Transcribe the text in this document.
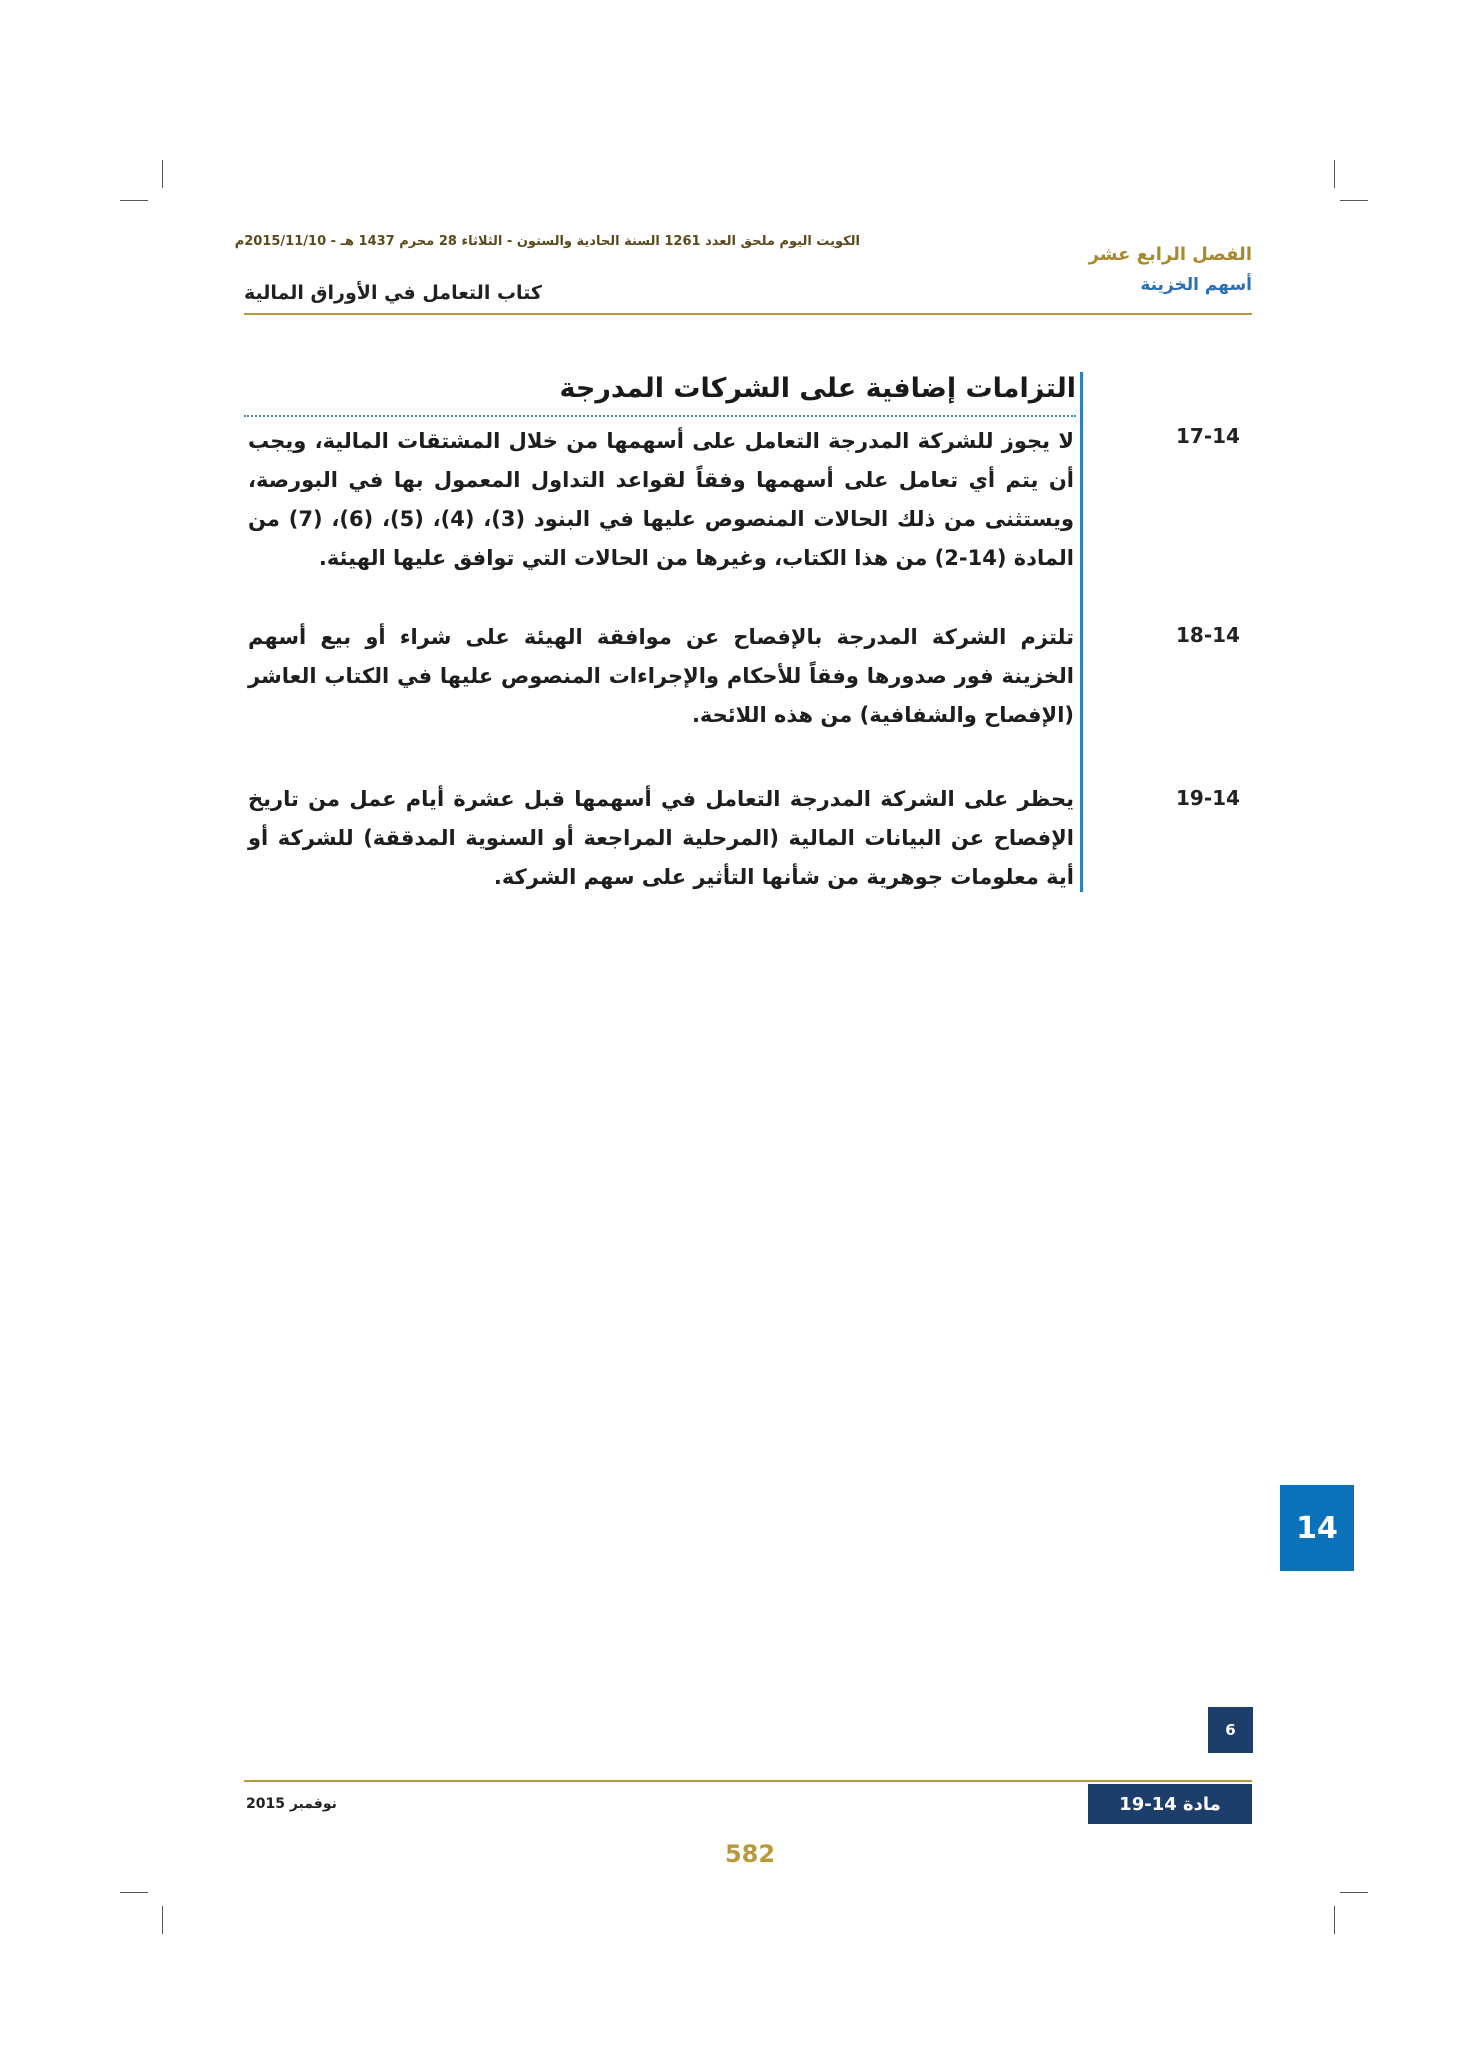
الكويت اليوم ملحق العدد 1261 السنة الحادية والستون - الثلاثاء 28 محرم 1437 هـ - 2015/11/10م
الفصل الرابع عشر
أسهم الخزينة
كتاب التعامل في الأوراق المالية
التزامات إضافية على الشركات المدرجة
17-14
لا يجوز للشركة المدرجة التعامل على أسهمها من خلال المشتقات المالية، ويجب أن يتم أي تعامل على أسهمها وفقاً لقواعد التداول المعمول بها في البورصة، ويستثنى من ذلك الحالات المنصوص عليها في البنود (3)، (4)، (5)، (6)، (7) من المادة (14-2) من هذا الكتاب، وغيرها من الحالات التي توافق عليها الهيئة.
18-14
تلتزم الشركة المدرجة بالإفصاح عن موافقة الهيئة على شراء أو بيع أسهم الخزينة فور صدورها وفقاً للأحكام والإجراءات المنصوص عليها في الكتاب العاشر (الإفصاح والشفافية) من هذه اللائحة.
19-14
يحظر على الشركة المدرجة التعامل في أسهمها قبل عشرة أيام عمل من تاريخ الإفصاح عن البيانات المالية (المرحلية المراجعة أو السنوية المدققة) للشركة أو أية معلومات جوهرية من شأنها التأثير على سهم الشركة.
14
6
نوفمبر 2015	مادة 14-19
582
